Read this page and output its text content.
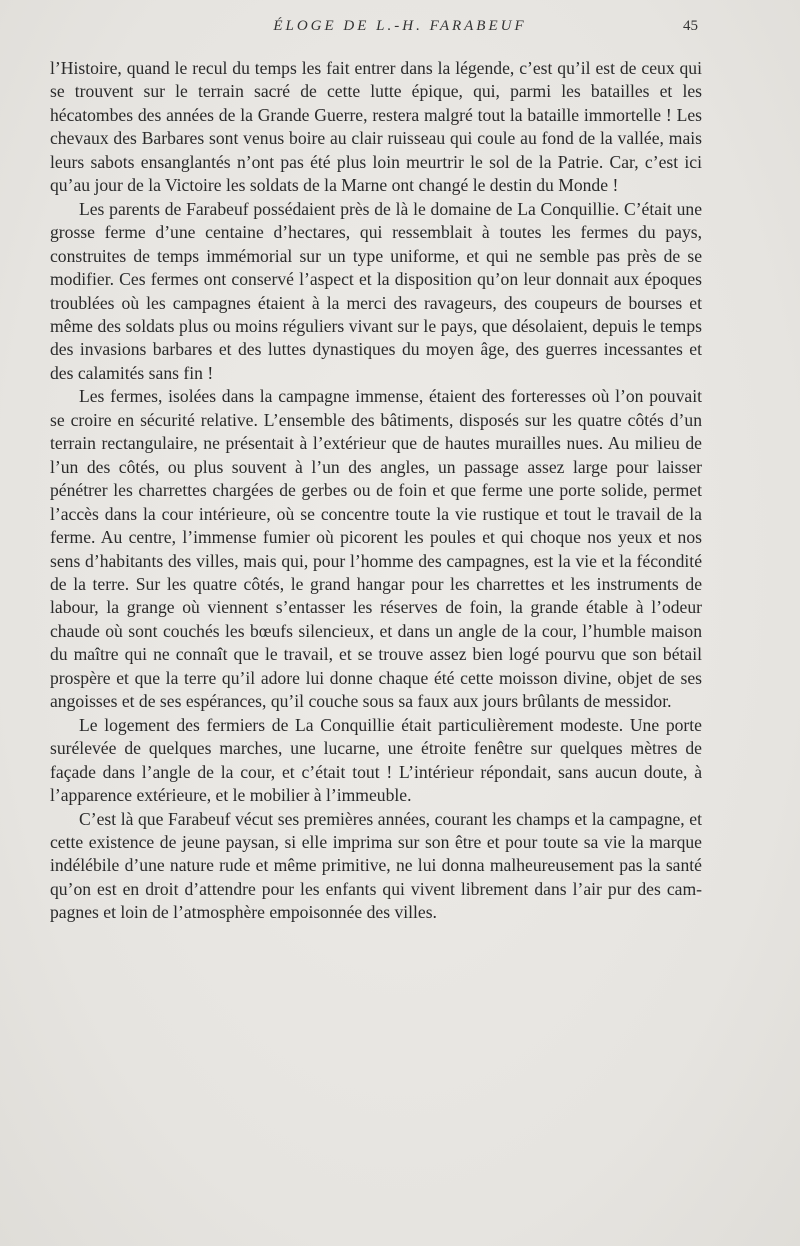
ÉLOGE DE L.-H. FARABEUF	45

l’Histoire, quand le recul du temps les fait entrer dans la légende, c’est qu’il est de ceux qui se trouvent sur le terrain sacré de cette lutte épique, qui, parmi les batailles et les hécatombes des années de la Grande Guerre, restera malgré tout la bataille immortelle ! Les chevaux des Barbares sont venus boire au clair ruisseau qui coule au fond de la vallée, mais leurs sabots ensanglantés n’ont pas été plus loin meurtrir le sol de la Patrie. Car, c’est ici qu’au jour de la Victoire les soldats de la Marne ont changé le destin du Monde !

Les parents de Farabeuf possédaient près de là le domaine de La Conquillie. C’était une grosse ferme d’une centaine d’hectares, qui ressemblait à toutes les fermes du pays, construites de temps immémorial sur un type uniforme, et qui ne semble pas près de se modifier. Ces fermes ont conservé l’aspect et la disposition qu’on leur donnait aux époques troublées où les campagnes étaient à la merci des ravageurs, des coupeurs de bourses et même des soldats plus ou moins réguliers vivant sur le pays, que désolaient, depuis le temps des invasions barbares et des luttes dynastiques du moyen âge, des guerres incessantes et des calamités sans fin !

Les fermes, isolées dans la campagne immense, étaient des forteresses où l’on pouvait se croire en sécurité relative. L’ensemble des bâtiments, disposés sur les quatre côtés d’un terrain rectangulaire, ne présentait à l’extérieur que de hautes murailles nues. Au milieu de l’un des côtés, ou plus souvent à l’un des angles, un passage assez large pour laisser pénétrer les charrettes chargées de gerbes ou de foin et que ferme une porte solide, permet l’accès dans la cour intérieure, où se concentre toute la vie rustique et tout le travail de la ferme. Au centre, l’immense fumier où picorent les poules et qui choque nos yeux et nos sens d’habitants des villes, mais qui, pour l’homme des campagnes, est la vie et la fécondité de la terre. Sur les quatre côtés, le grand hangar pour les charrettes et les instruments de labour, la grange où viennent s’entasser les réserves de foin, la grande étable à l’odeur chaude où sont couchés les bœufs silencieux, et dans un angle de la cour, l’humble maison du maître qui ne connaît que le travail, et se trouve assez bien logé pourvu que son bétail prospère et que la terre qu’il adore lui donne chaque été cette moisson divine, objet de ses angoisses et de ses espérances, qu’il couche sous sa faux aux jours brûlants de messidor.

Le logement des fermiers de La Conquillie était particulièrement modeste. Une porte surélevée de quelques marches, une lucarne, une étroite fenêtre sur quelques mètres de façade dans l’angle de la cour, et c’était tout ! L’intérieur répondait, sans aucun doute, à l’apparence extérieure, et le mobilier à l’immeuble.

C’est là que Farabeuf vécut ses premières années, courant les champs et la campagne, et cette existence de jeune paysan, si elle imprima sur son être et pour toute sa vie la marque indélébile d’une nature rude et même primitive, ne lui donna malheureusement pas la santé qu’on est en droit d’attendre pour les enfants qui vivent librement dans l’air pur des campagnes et loin de l’atmosphère empoisonnée des villes.
